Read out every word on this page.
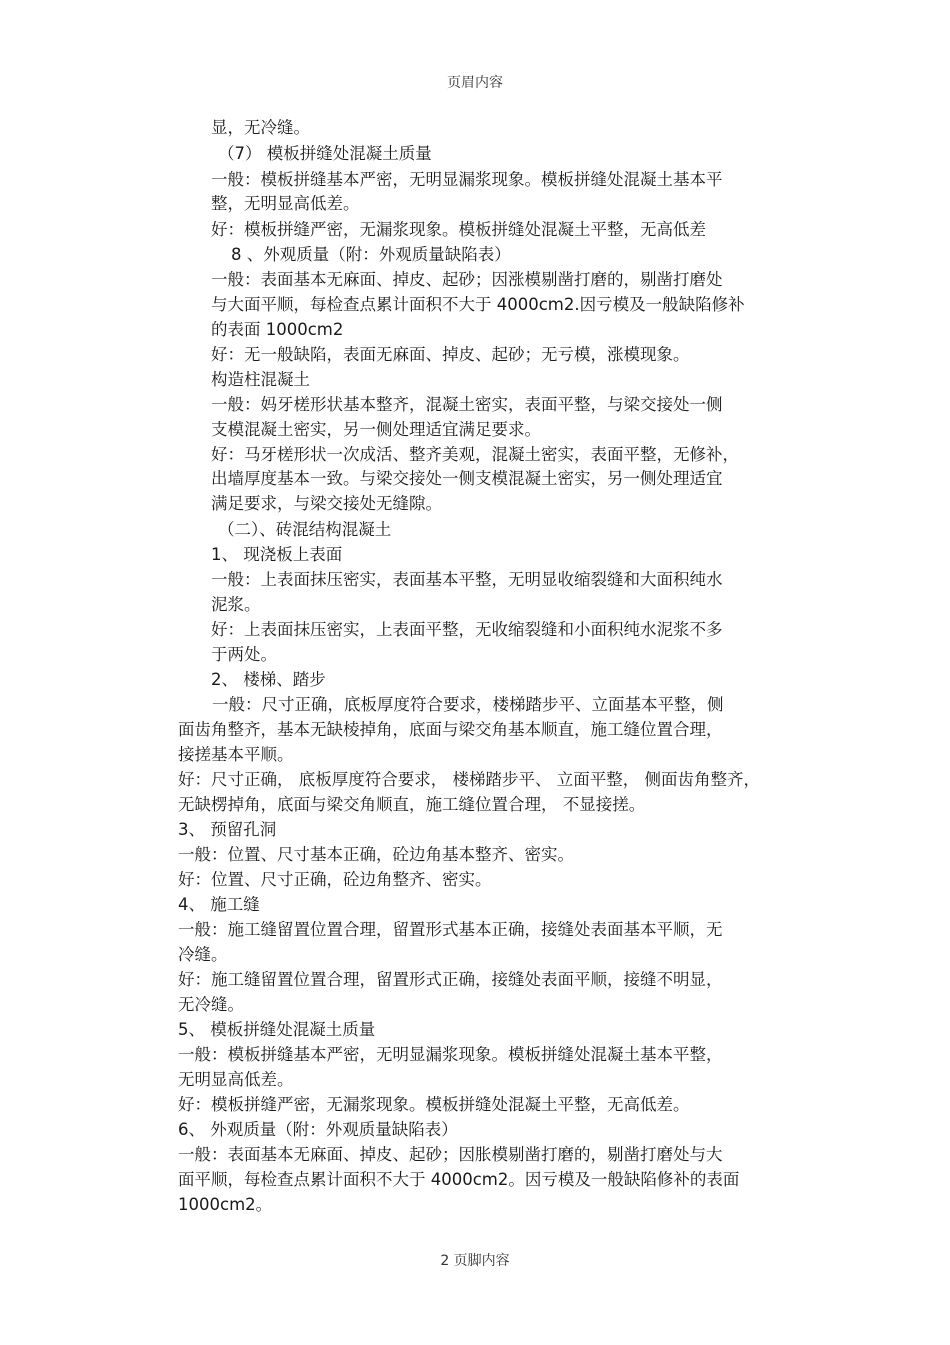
页眉内容
显，无冷缝。
（7） 模板拼缝处混凝土质量
一般：模板拼缝基本严密，无明显漏浆现象。模板拼缝处混凝土基本平
整，无明显高低差。
好：模板拼缝严密，无漏浆现象。模板拼缝处混凝土平整，无高低差
8 、外观质量（附：外观质量缺陷表）
一般：表面基本无麻面、掉皮、起砂；因涨模剔凿打磨的，剔凿打磨处
与大面平顺，每检查点累计面积不大于 4000cm2.因亏模及一般缺陷修补
的表面 1000cm2
好：无一般缺陷，表面无麻面、掉皮、起砂；无亏模，涨模现象。
构造柱混凝土
一般：妈牙槎形状基本整齐，混凝土密实，表面平整，与梁交接处一侧
支模混凝土密实，另一侧处理适宜满足要求。
好：马牙槎形状一次成活、整齐美观，混凝土密实，表面平整，无修补，
出墙厚度基本一致。与梁交接处一侧支模混凝土密实，另一侧处理适宜
满足要求，与梁交接处无缝隙。
（二）、砖混结构混凝土
1、 现浇板上表面
一般：上表面抹压密实，表面基本平整，无明显收缩裂缝和大面积纯水
泥浆。
好：上表面抹压密实，上表面平整，无收缩裂缝和小面积纯水泥浆不多
于两处。
2、 楼梯、踏步
一般：尺寸正确，底板厚度符合要求，楼梯踏步平、立面基本平整，侧
面齿角整齐，基本无缺棱掉角，底面与梁交角基本顺直，施工缝位置合理，
接搓基本平顺。
好：尺寸正确， 底板厚度符合要求， 楼梯踏步平、 立面平整， 侧面齿角整齐，
无缺楞掉角，底面与梁交角顺直，施工缝位置合理， 不显接搓。
3、 预留孔洞
一般：位置、尺寸基本正确，砼边角基本整齐、密实。
好：位置、尺寸正确，砼边角整齐、密实。
4、 施工缝
一般：施工缝留置位置合理，留置形式基本正确，接缝处表面基本平顺，无
冷缝。
好：施工缝留置位置合理，留置形式正确，接缝处表面平顺，接缝不明显，
无冷缝。
5、 模板拼缝处混凝土质量
一般：模板拼缝基本严密，无明显漏浆现象。模板拼缝处混凝土基本平整，
无明显高低差。
好：模板拼缝严密，无漏浆现象。模板拼缝处混凝土平整，无高低差。
6、 外观质量（附：外观质量缺陷表）
一般：表面基本无麻面、掉皮、起砂；因胀模剔凿打磨的，剔凿打磨处与大
面平顺，每检查点累计面积不大于 4000cm2。因亏模及一般缺陷修补的表面
1000cm2。
2 页脚内容
